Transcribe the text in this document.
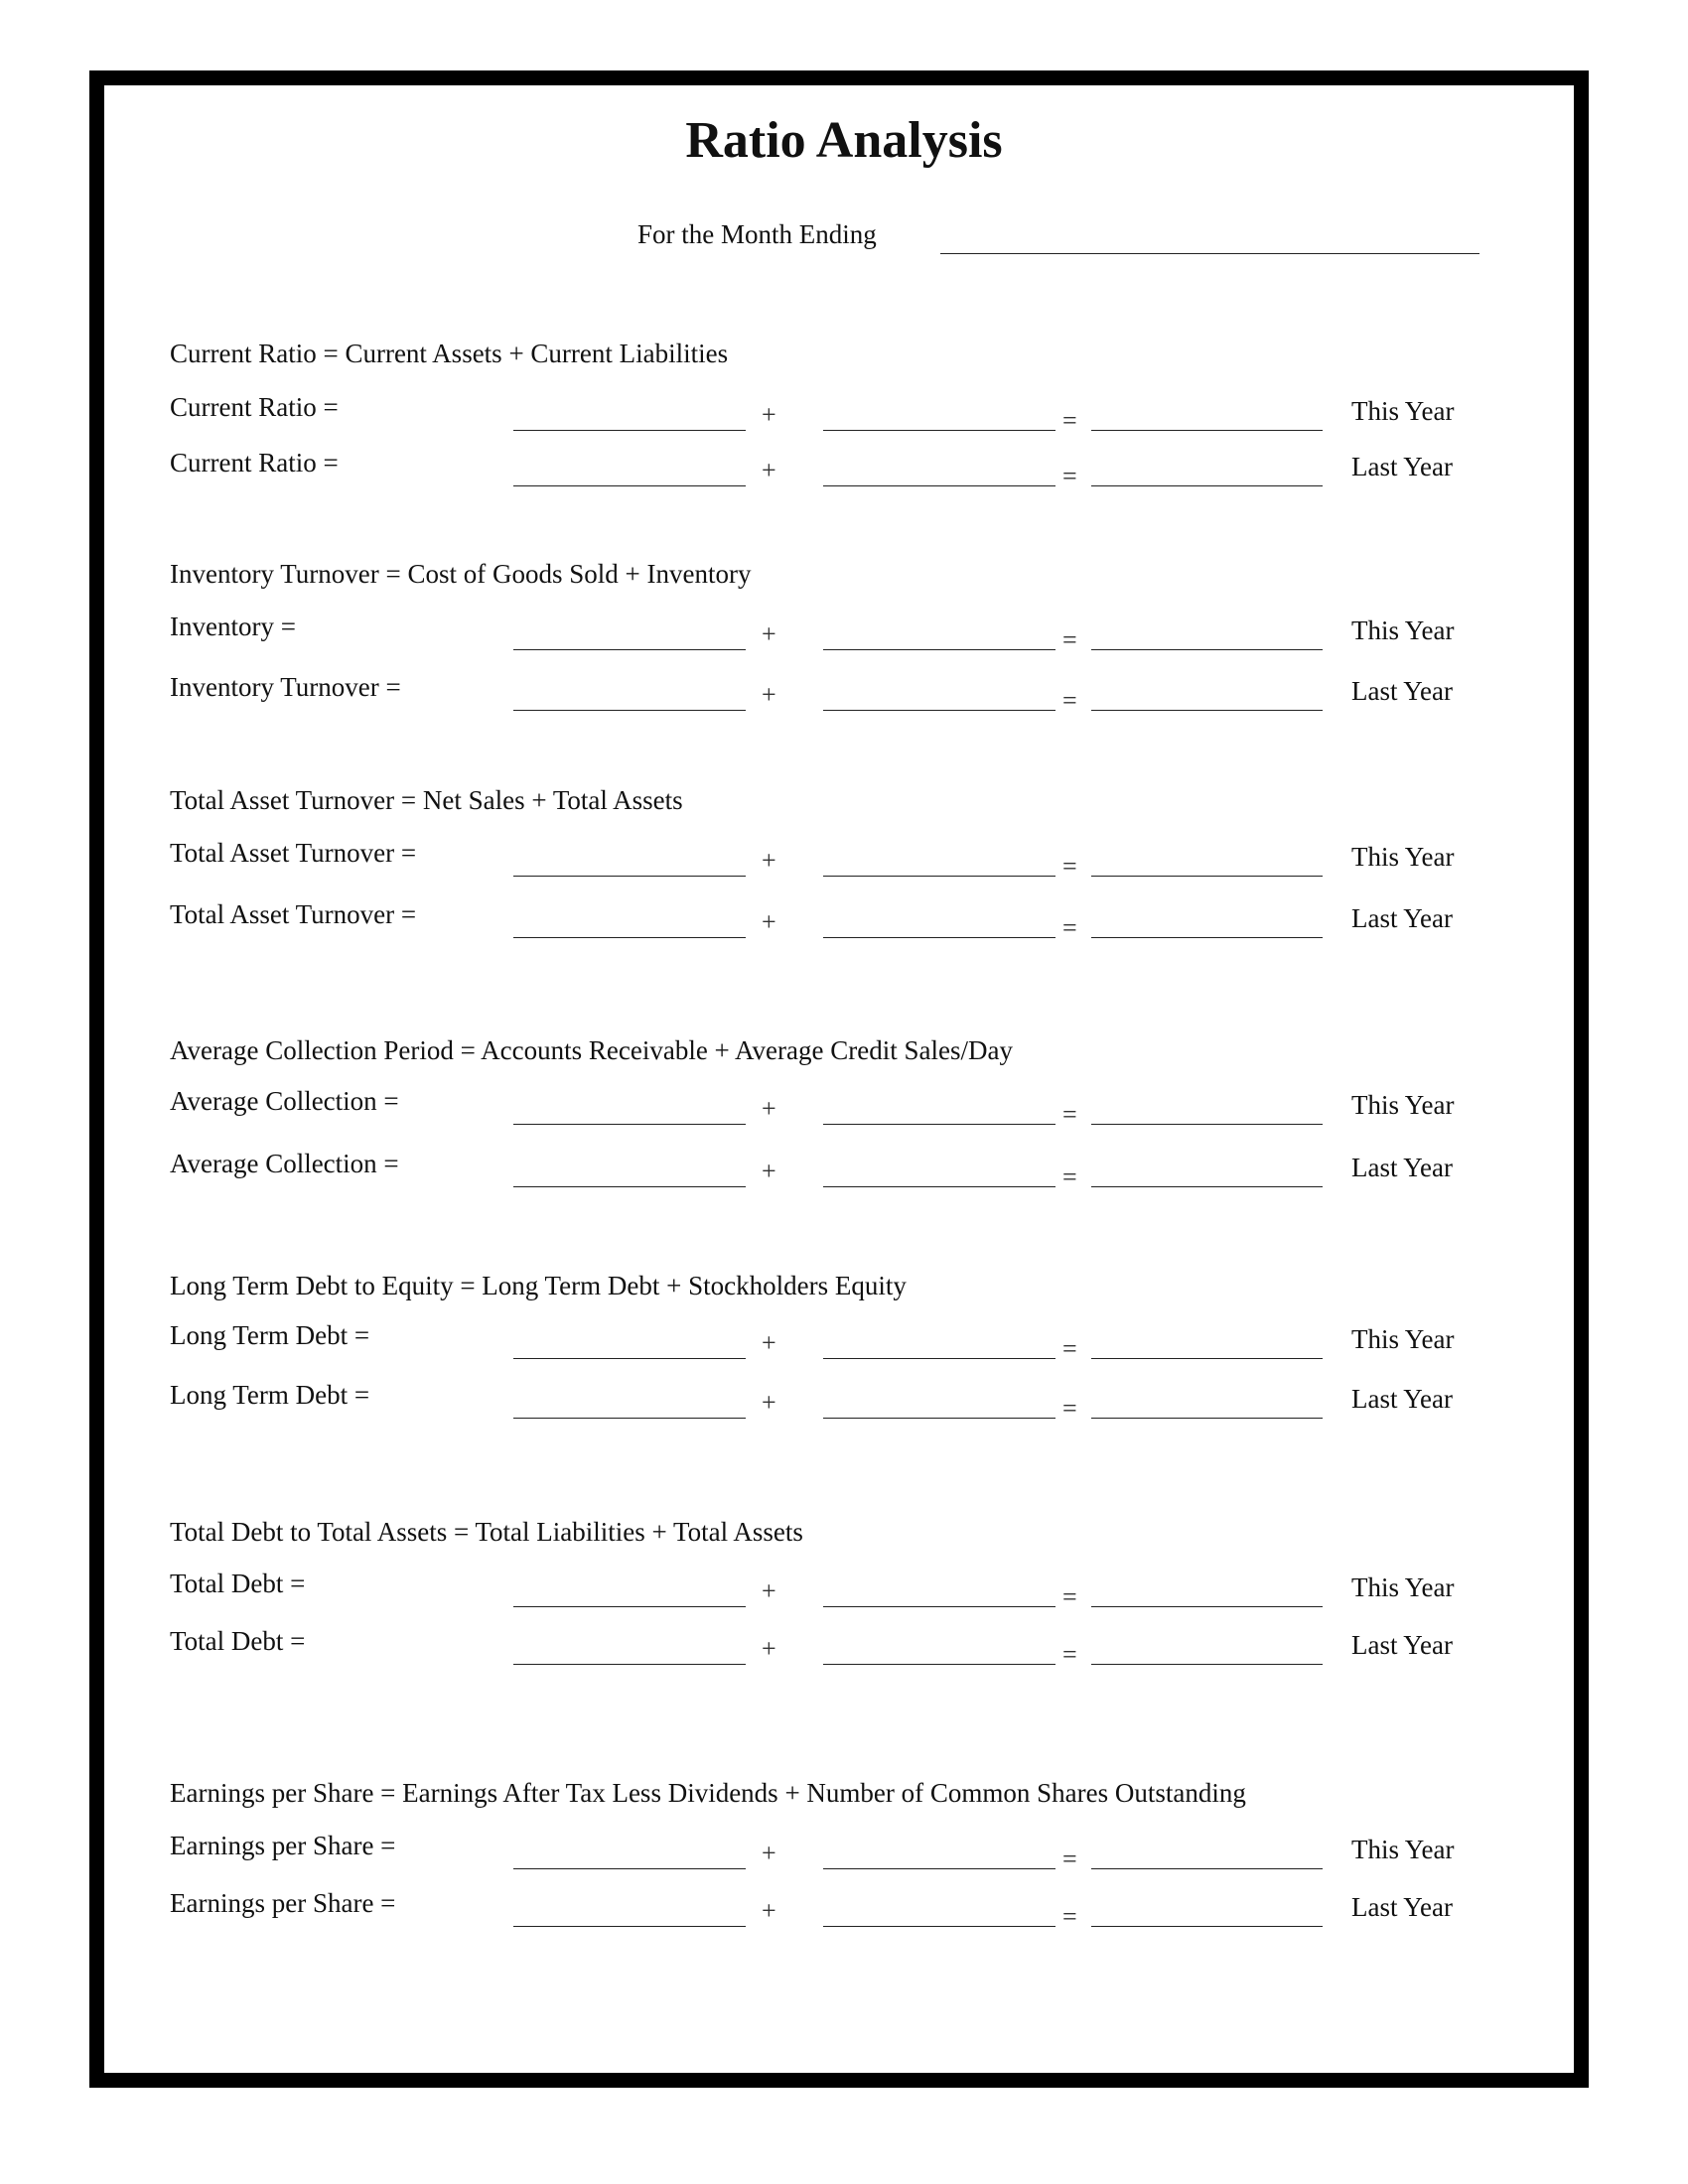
Ratio Analysis
For the Month Ending
Current Ratio = Current Assets + Current Liabilities
Current Ratio =	+	=	This Year
Current Ratio =	+	=	Last Year
Inventory Turnover = Cost of Goods Sold + Inventory
Inventory =	+	=	This Year
Inventory Turnover =	+	=	Last Year
Total Asset Turnover = Net Sales + Total Assets
Total Asset Turnover =	+	=	This Year
Total Asset Turnover =	+	=	Last Year
Average Collection Period = Accounts Receivable + Average Credit Sales/Day
Average Collection =	+	=	This Year
Average Collection =	+	=	Last Year
Long Term Debt to Equity = Long Term Debt + Stockholders Equity
Long Term Debt =	+	=	This Year
Long Term Debt =	+	=	Last Year
Total Debt to Total Assets = Total Liabilities + Total Assets
Total Debt =	+	=	This Year
Total Debt =	+	=	Last Year
Earnings per Share = Earnings After Tax Less Dividends + Number of Common Shares Outstanding
Earnings per Share =	+	=	This Year
Earnings per Share =	+	=	Last Year
